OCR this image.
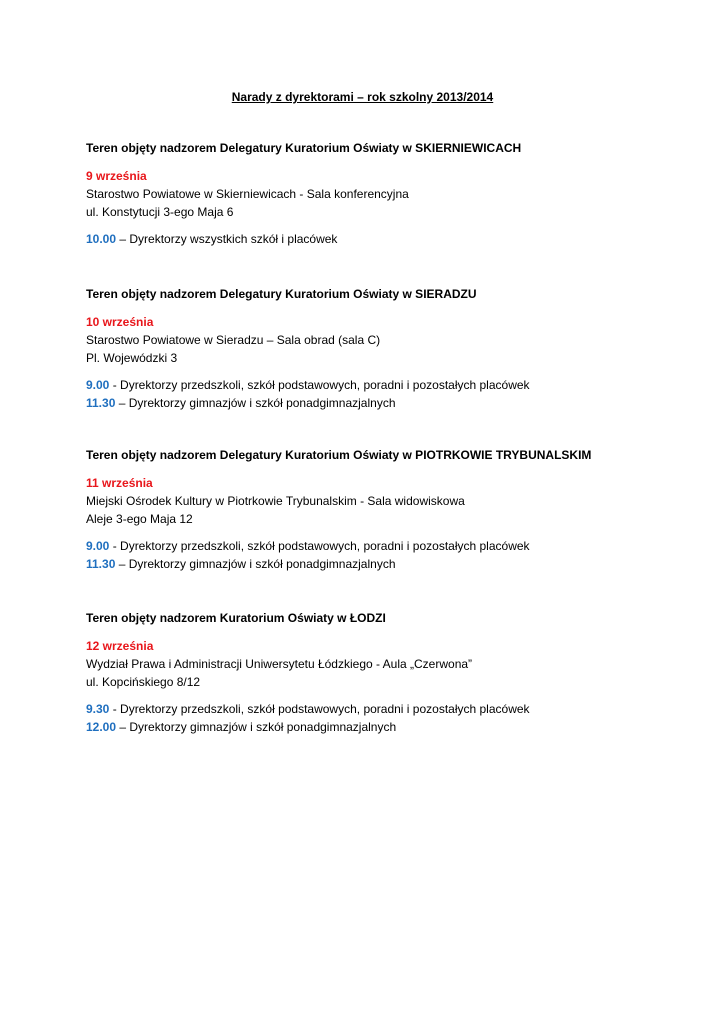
Narady z dyrektorami – rok szkolny 2013/2014
Teren objęty nadzorem Delegatury Kuratorium Oświaty w SKIERNIEWICACH
9 września
Starostwo Powiatowe w Skierniewicach - Sala konferencyjna
ul. Konstytucji 3-ego Maja 6
10.00 – Dyrektorzy wszystkich szkół i placówek
Teren objęty nadzorem Delegatury Kuratorium Oświaty w SIERADZU
10 września
Starostwo Powiatowe w Sieradzu – Sala obrad (sala C)
Pl. Wojewódzki 3
9.00 - Dyrektorzy przedszkoli, szkół podstawowych, poradni i pozostałych placówek
11.30 – Dyrektorzy gimnazjów i szkół ponadgimnazjalnych
Teren objęty nadzorem Delegatury Kuratorium Oświaty w PIOTRKOWIE TRYBUNALSKIM
11 września
Miejski Ośrodek Kultury w Piotrkowie Trybunalskim - Sala widowiskowa
Aleje 3-ego Maja 12
9.00 - Dyrektorzy przedszkoli, szkół podstawowych, poradni i pozostałych placówek
11.30 – Dyrektorzy gimnazjów i szkół ponadgimnazjalnych
Teren objęty nadzorem Kuratorium Oświaty w ŁODZI
12 września
Wydział Prawa i Administracji Uniwersytetu Łódzkiego - Aula „Czerwona”
ul. Kopcińskiego 8/12
9.30 - Dyrektorzy przedszkoli, szkół podstawowych, poradni i pozostałych placówek
12.00 – Dyrektorzy gimnazjów i szkół ponadgimnazjalnych
